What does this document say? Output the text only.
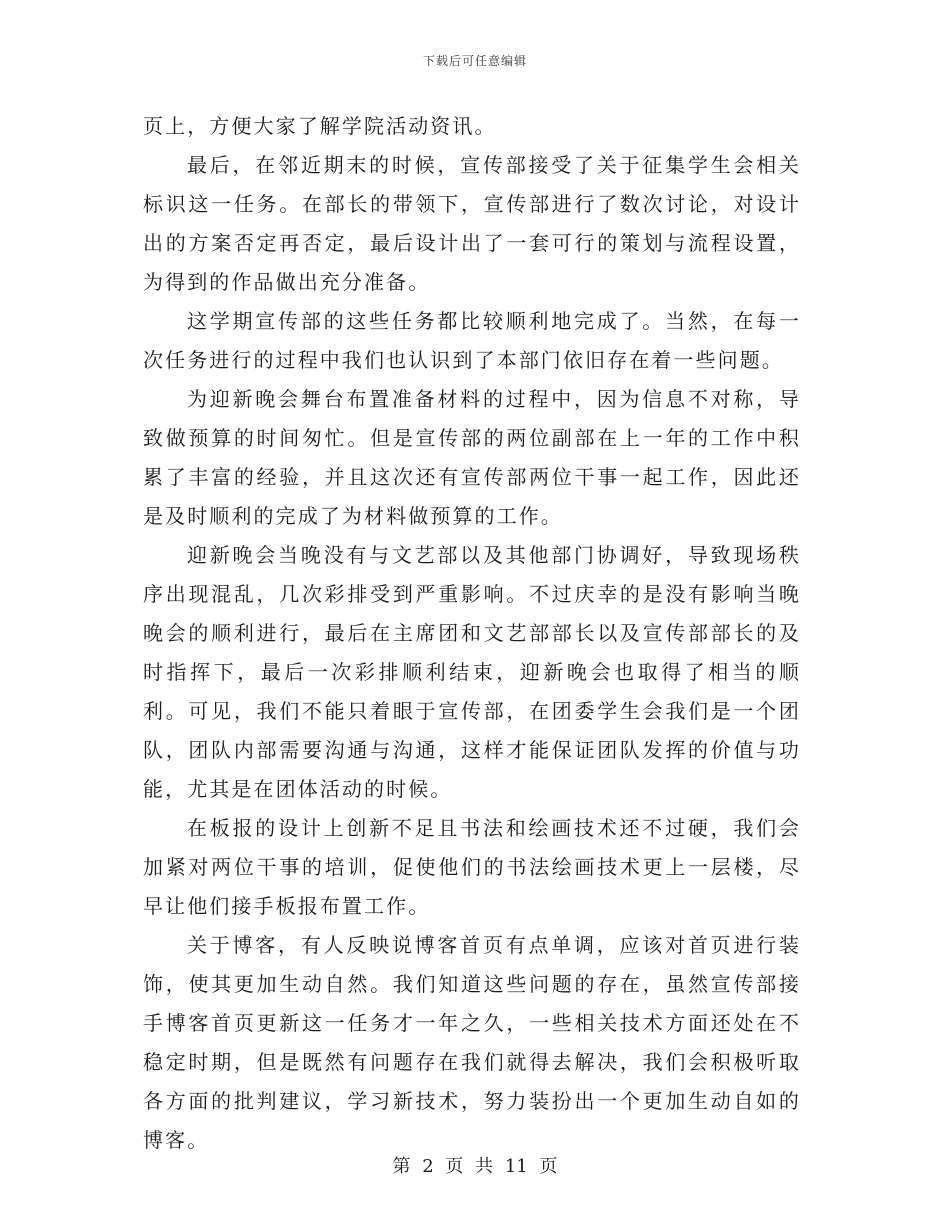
下载后可任意编辑

页上，方便大家了解学院活动资讯。

最后，在邻近期末的时候，宣传部接受了关于征集学生会相关标识这一任务。在部长的带领下，宣传部进行了数次讨论，对设计出的方案否定再否定，最后设计出了一套可行的策划与流程设置，为得到的作品做出充分准备。

这学期宣传部的这些任务都比较顺利地完成了。当然，在每一次任务进行的过程中我们也认识到了本部门依旧存在着一些问题。

为迎新晚会舞台布置准备材料的过程中，因为信息不对称，导致做预算的时间匆忙。但是宣传部的两位副部在上一年的工作中积累了丰富的经验，并且这次还有宣传部两位干事一起工作，因此还是及时顺利的完成了为材料做预算的工作。

迎新晚会当晚没有与文艺部以及其他部门协调好，导致现场秩序出现混乱，几次彩排受到严重影响。不过庆幸的是没有影响当晚晚会的顺利进行，最后在主席团和文艺部部长以及宣传部部长的及时指挥下，最后一次彩排顺利结束，迎新晚会也取得了相当的顺利。可见，我们不能只着眼于宣传部，在团委学生会我们是一个团队，团队内部需要沟通与沟通，这样才能保证团队发挥的价值与功能，尤其是在团体活动的时候。

在板报的设计上创新不足且书法和绘画技术还不过硬，我们会加紧对两位干事的培训，促使他们的书法绘画技术更上一层楼，尽早让他们接手板报布置工作。

关于博客，有人反映说博客首页有点单调，应该对首页进行装饰，使其更加生动自然。我们知道这些问题的存在，虽然宣传部接手博客首页更新这一任务才一年之久，一些相关技术方面还处在不稳定时期，但是既然有问题存在我们就得去解决，我们会积极听取各方面的批判建议，学习新技术，努力装扮出一个更加生动自如的博客。

第 2 页 共 11 页
